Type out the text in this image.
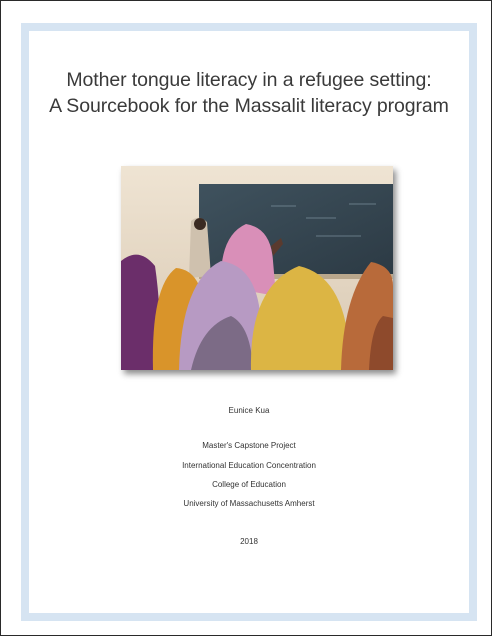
Mother tongue literacy in a refugee setting:
A Sourcebook for the Massalit literacy program
Eunice Kua
Master's Capstone Project
International Education Concentration
College of Education
University of Massachusetts Amherst
2018
